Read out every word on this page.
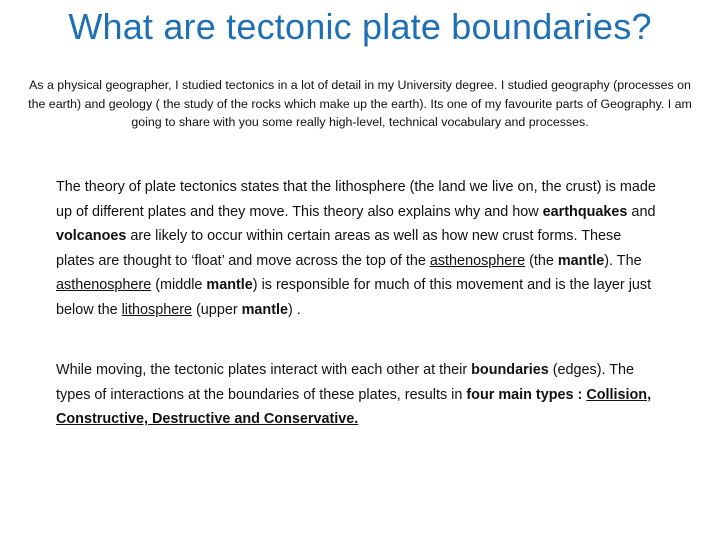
What are tectonic plate boundaries?

As a physical geographer, I studied tectonics in a lot of detail in my University degree. I studied geography (processes on the earth) and geology ( the study of the rocks which make up the earth). Its one of my favourite parts of Geography. I am going to share with you some really high-level, technical vocabulary and processes.

The theory of plate tectonics states that the lithosphere (the land we live on, the crust) is made up of different plates and they move. This theory also explains why and how earthquakes and volcanoes are likely to occur within certain areas as well as how new crust forms. These plates are thought to ‘float’ and move across the top of the asthenosphere (the mantle). The asthenosphere (middle mantle) is responsible for much of this movement and is the layer just below the lithosphere (upper mantle) .

While moving, the tectonic plates interact with each other at their boundaries (edges). The types of interactions at the boundaries of these plates, results in four main types : Collision, Constructive, Destructive and Conservative.
